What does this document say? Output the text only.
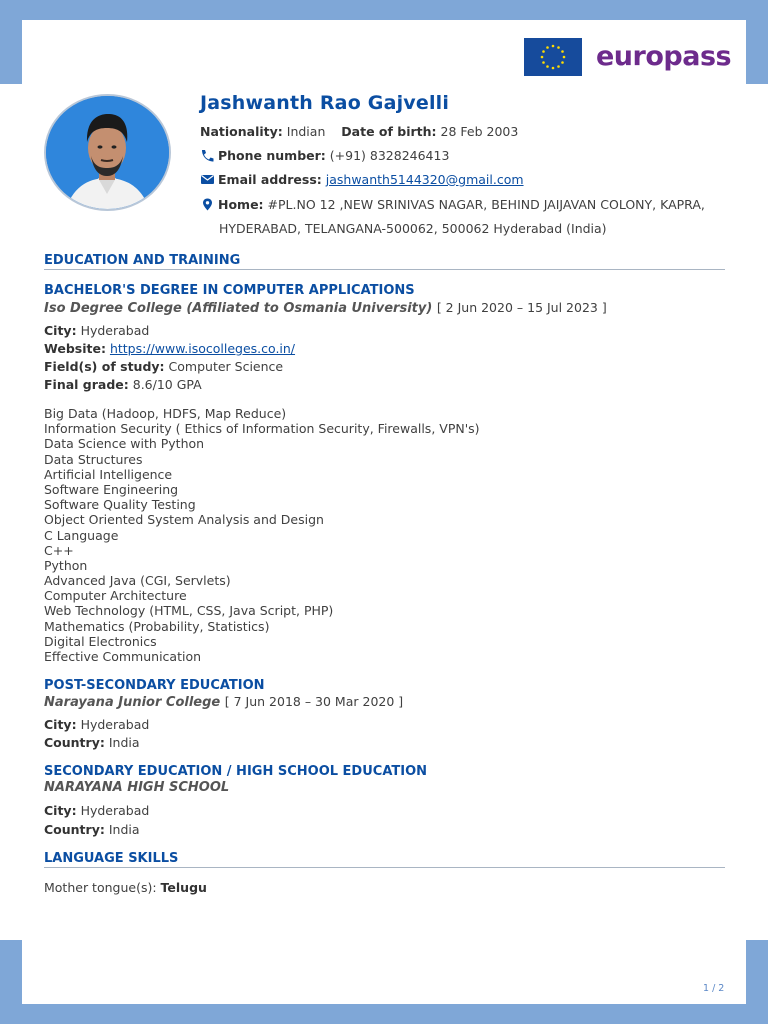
europass
Jashwanth Rao Gajvelli
Nationality: Indian Date of birth: 28 Feb 2003
Phone number: (+91) 8328246413
Email address: jashwanth5144320@gmail.com
Home: #PL.NO 12 ,NEW SRINIVAS NAGAR, BEHIND JAIJAVAN COLONY, KAPRA,
HYDERABAD, TELANGANA-500062, 500062 Hyderabad (India)
EDUCATION AND TRAINING
BACHELOR'S DEGREE IN COMPUTER APPLICATIONS
Iso Degree College (Affiliated to Osmania University) [ 2 Jun 2020 – 15 Jul 2023 ]
City: Hyderabad
Website: https://www.isocolleges.co.in/
Field(s) of study: Computer Science
Final grade: 8.6/10 GPA
Big Data (Hadoop, HDFS, Map Reduce)
Information Security ( Ethics of Information Security, Firewalls, VPN's)
Data Science with Python
Data Structures
Artificial Intelligence
Software Engineering
Software Quality Testing
Object Oriented System Analysis and Design
C Language
C++
Python
Advanced Java (CGI, Servlets)
Computer Architecture
Web Technology (HTML, CSS, Java Script, PHP)
Mathematics (Probability, Statistics)
Digital Electronics
Effective Communication
POST-SECONDARY EDUCATION
Narayana Junior College [ 7 Jun 2018 – 30 Mar 2020 ]
City: Hyderabad
Country: India
SECONDARY EDUCATION / HIGH SCHOOL EDUCATION
NARAYANA HIGH SCHOOL
City: Hyderabad
Country: India
LANGUAGE SKILLS
Mother tongue(s): Telugu
1 / 2
